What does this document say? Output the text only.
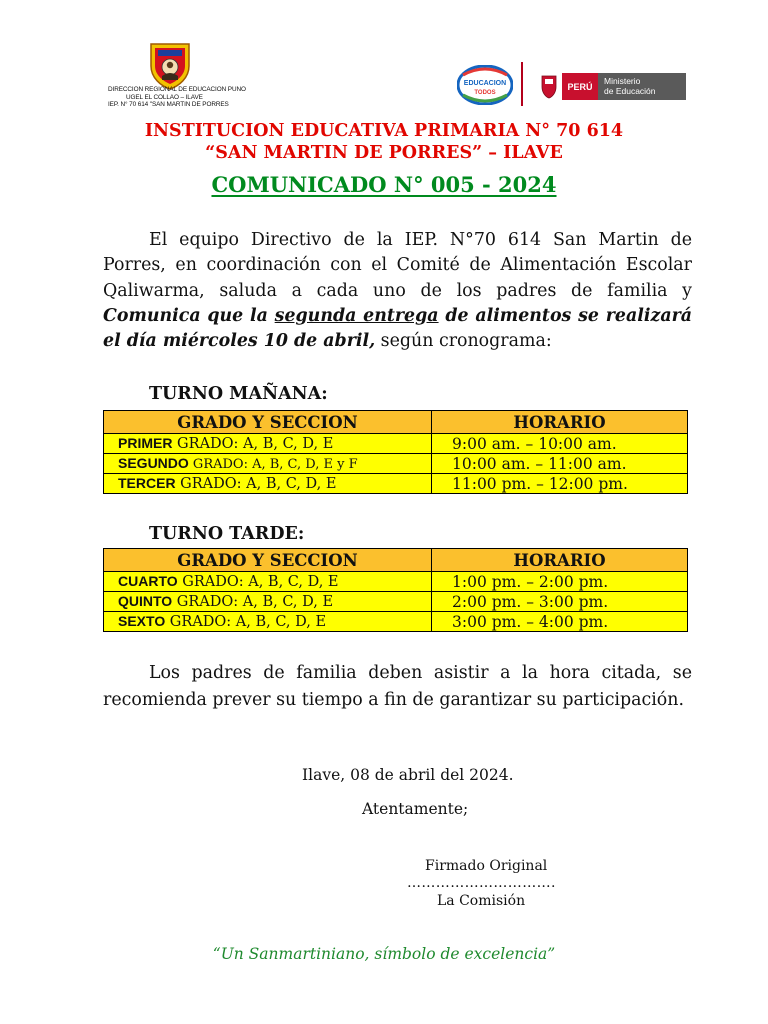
DIRECCION REGIONAL DE EDUCACION PUNO
UGEL EL COLLAO – ILAVE
IEP. N° 70 614 "SAN MARTIN DE PORRES
EDUCACION
TODOS
PERÚ
Ministerio
de Educación
INSTITUCION EDUCATIVA PRIMARIA N° 70 614
“SAN MARTIN DE PORRES” – ILAVE
COMUNICADO N° 005 - 2024
El equipo Directivo de la IEP. N°70 614 San Martin de Porres, en coordinación con el Comité de Alimentación Escolar Qaliwarma, saluda a cada uno de los padres de familia y Comunica que la segunda entrega de alimentos se realizará el día miércoles 10 de abril, según cronograma:
TURNO MAÑANA:
GRADO Y SECCION	HORARIO
PRIMER GRADO: A, B, C, D, E	9:00 am. – 10:00 am.
SEGUNDO GRADO: A, B, C, D, E y F	10:00 am. – 11:00 am.
TERCER GRADO: A, B, C, D, E	11:00 pm. – 12:00 pm.
TURNO TARDE:
GRADO Y SECCION	HORARIO
CUARTO GRADO: A, B, C, D, E	1:00 pm. – 2:00 pm.
QUINTO GRADO: A, B, C, D, E	2:00 pm. – 3:00 pm.
SEXTO GRADO: A, B, C, D, E	3:00 pm. – 4:00 pm.
Los padres de familia deben asistir a la hora citada, se recomienda prever su tiempo a fin de garantizar su participación.
Ilave, 08 de abril del 2024.
Atentamente;
Firmado Original
………………………….
La Comisión
“Un Sanmartiniano, símbolo de excelencia”
